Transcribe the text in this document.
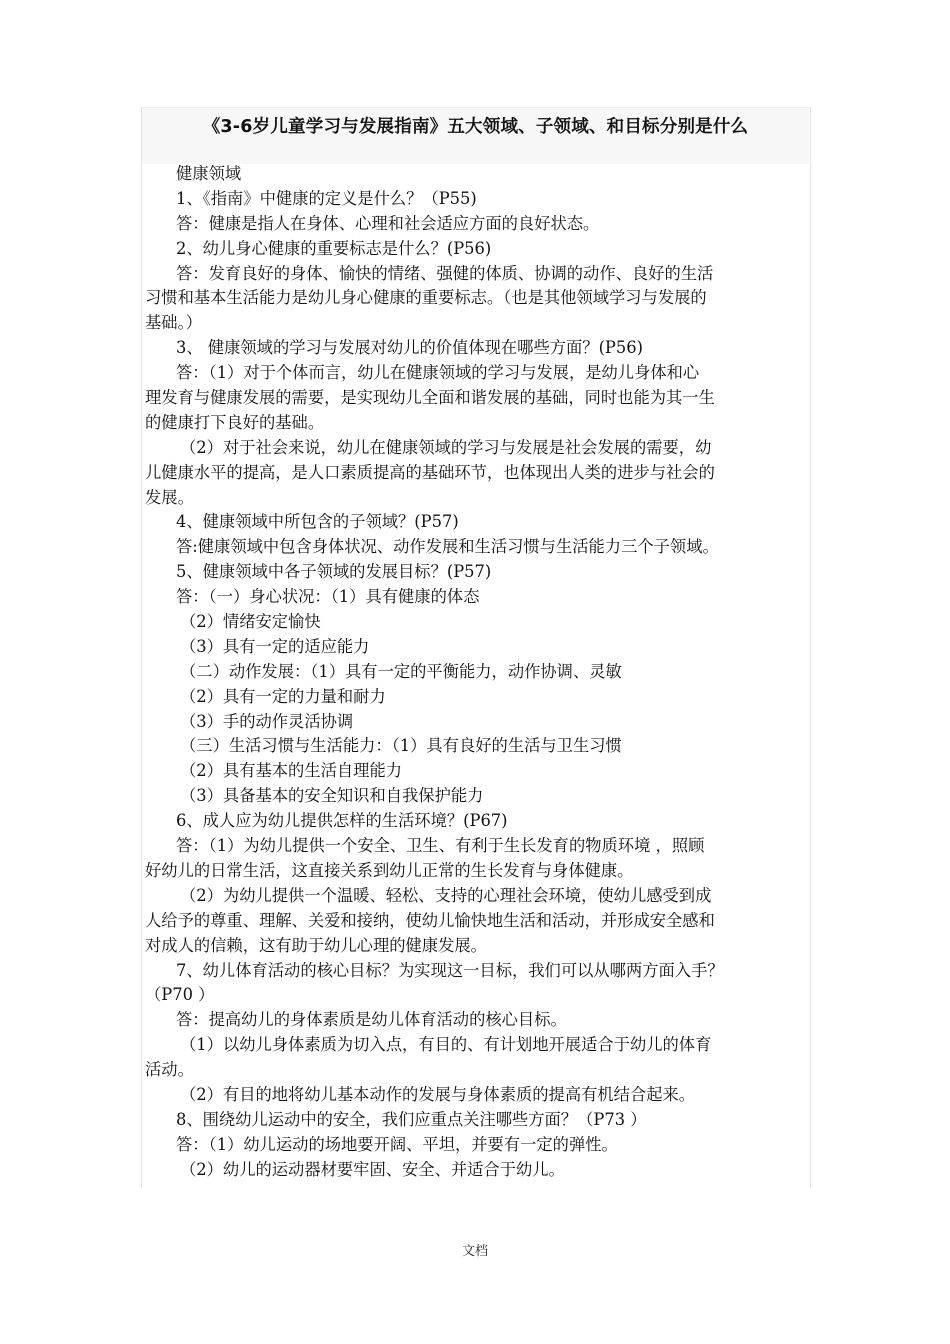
《3-6岁儿童学习与发展指南》五大领域、子领域、和目标分别是什么
健康领域
1、《指南》中健康的定义是什么？（P55)
答：健康是指人在身体、心理和社会适应方面的良好状态。
2、幼儿身心健康的重要标志是什么？(P56)
答：发育良好的身体、愉快的情绪、强健的体质、协调的动作、良好的生活
习惯和基本生活能力是幼儿身心健康的重要标志。（也是其他领域学习与发展的
基础。）
3、 健康领域的学习与发展对幼儿的价值体现在哪些方面？(P56)
答：（1）对于个体而言，幼儿在健康领域的学习与发展，是幼儿身体和心
理发育与健康发展的需要，是实现幼儿全面和谐发展的基础，同时也能为其一生
的健康打下良好的基础。
（2）对于社会来说，幼儿在健康领域的学习与发展是社会发展的需要，幼
儿健康水平的提高，是人口素质提高的基础环节，也体现出人类的进步与社会的
发展。
4、健康领域中所包含的子领域？(P57)
答:健康领域中包含身体状况、动作发展和生活习惯与生活能力三个子领域。
5、健康领域中各子领域的发展目标？(P57)
答：（一）身心状况：（1）具有健康的体态
（2）情绪安定愉快
（3）具有一定的适应能力
（二）动作发展：（1）具有一定的平衡能力，动作协调、灵敏
（2）具有一定的力量和耐力
（3）手的动作灵活协调
（三）生活习惯与生活能力：（1）具有良好的生活与卫生习惯
（2）具有基本的生活自理能力
（3）具备基本的安全知识和自我保护能力
6、成人应为幼儿提供怎样的生活环境？(P67)
答：（1）为幼儿提供一个安全、卫生、有利于生长发育的物质环境 ，照顾
好幼儿的日常生活，这直接关系到幼儿正常的生长发育与身体健康。
（2）为幼儿提供一个温暖、轻松、支持的心理社会环境，使幼儿感受到成
人给予的尊重、理解、关爱和接纳，使幼儿愉快地生活和活动，并形成安全感和
对成人的信赖，这有助于幼儿心理的健康发展。
7、幼儿体育活动的核心目标？为实现这一目标，我们可以从哪两方面入手？
（P70 ）
答：提高幼儿的身体素质是幼儿体育活动的核心目标。
（1）以幼儿身体素质为切入点，有目的、有计划地开展适合于幼儿的体育
活动。
（2）有目的地将幼儿基本动作的发展与身体素质的提高有机结合起来。
8、围绕幼儿运动中的安全，我们应重点关注哪些方面？（P73 ）
答：（1）幼儿运动的场地要开阔、平坦，并要有一定的弹性。
（2）幼儿的运动器材要牢固、安全、并适合于幼儿。
文档
